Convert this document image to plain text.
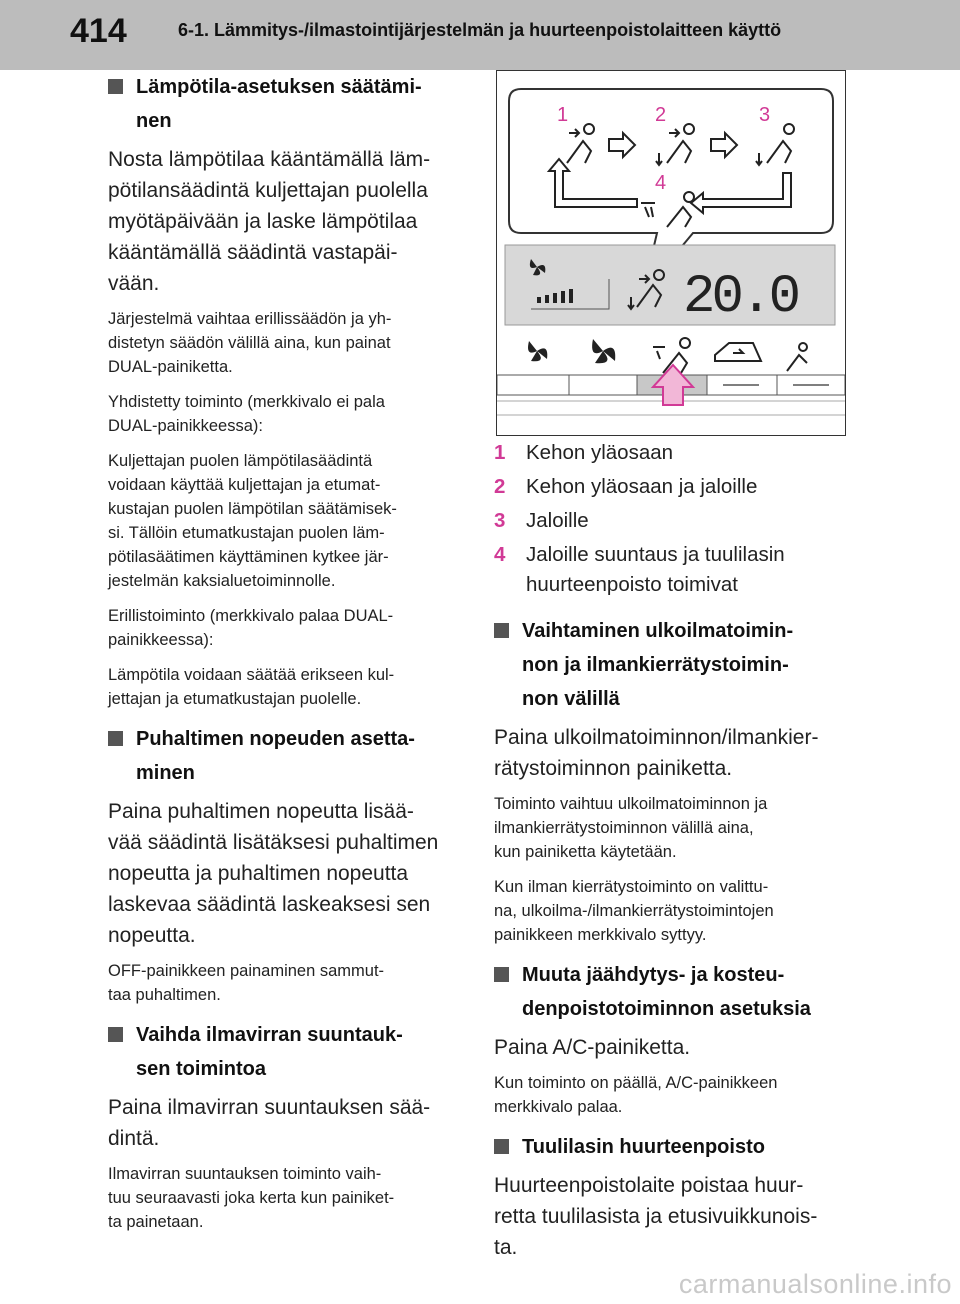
414	6-1. Lämmitys-/ilmastointijärjestelmän ja huurteenpoistolaitteen käyttö
Lämpötila-asetuksen säätämi-
nen
Nosta lämpötilaa kääntämällä läm-
pötilansäädintä kuljettajan puolella
myötäpäivään ja laske lämpötilaa
kääntämällä säädintä vastapäi-
vään.
Järjestelmä vaihtaa erillissäädön ja yh-
distetyn säädön välillä aina, kun painat
DUAL-painiketta.
Yhdistetty toiminto (merkkivalo ei pala
DUAL-painikkeessa):
Kuljettajan puolen lämpötilasäädintä
voidaan käyttää kuljettajan ja etumat-
kustajan puolen lämpötilan säätämisek-
si. Tällöin etumatkustajan puolen läm-
pötilasäätimen käyttäminen kytkee jär-
jestelmän kaksialuetoiminnolle.
Erillistoiminto (merkkivalo palaa DUAL-
painikkeessa):
Lämpötila voidaan säätää erikseen kul-
jettajan ja etumatkustajan puolelle.
Puhaltimen nopeuden asetta-
minen
Paina puhaltimen nopeutta lisää-
vää säädintä lisätäksesi puhaltimen
nopeutta ja puhaltimen nopeutta
laskevaa säädintä laskeaksesi sen
nopeutta.
OFF-painikkeen painaminen sammut-
taa puhaltimen.
Vaihda ilmavirran suuntauk-
sen toimintoa
Paina ilmavirran suuntauksen sää-
dintä.
Ilmavirran suuntauksen toiminto vaih-
tuu seuraavasti joka kerta kun painiket-
ta painetaan.
1	2	3
4
20.0
1 Kehon yläosaan
2 Kehon yläosaan ja jaloille
3 Jaloille
4 Jaloille suuntaus ja tuulilasin
huurteenpoisto toimivat
Vaihtaminen ulkoilmatoimin-
non ja ilmankierrätystoimin-
non välillä
Paina ulkoilmatoiminnon/ilmankier-
rätystoiminnon painiketta.
Toiminto vaihtuu ulkoilmatoiminnon ja
ilmankierrätystoiminnon välillä aina,
kun painiketta käytetään.
Kun ilman kierrätystoiminto on valittu-
na, ulkoilma-/ilmankierrätystoimintojen
painikkeen merkkivalo syttyy.
Muuta jäähdytys- ja kosteu-
denpoistotoiminnon asetuksia
Paina A/C-painiketta.
Kun toiminto on päällä, A/C-painikkeen
merkkivalo palaa.
Tuulilasin huurteenpoisto
Huurteenpoistolaite poistaa huur-
retta tuulilasista ja etusivuikkunois-
ta.
carmanualsonline.info
